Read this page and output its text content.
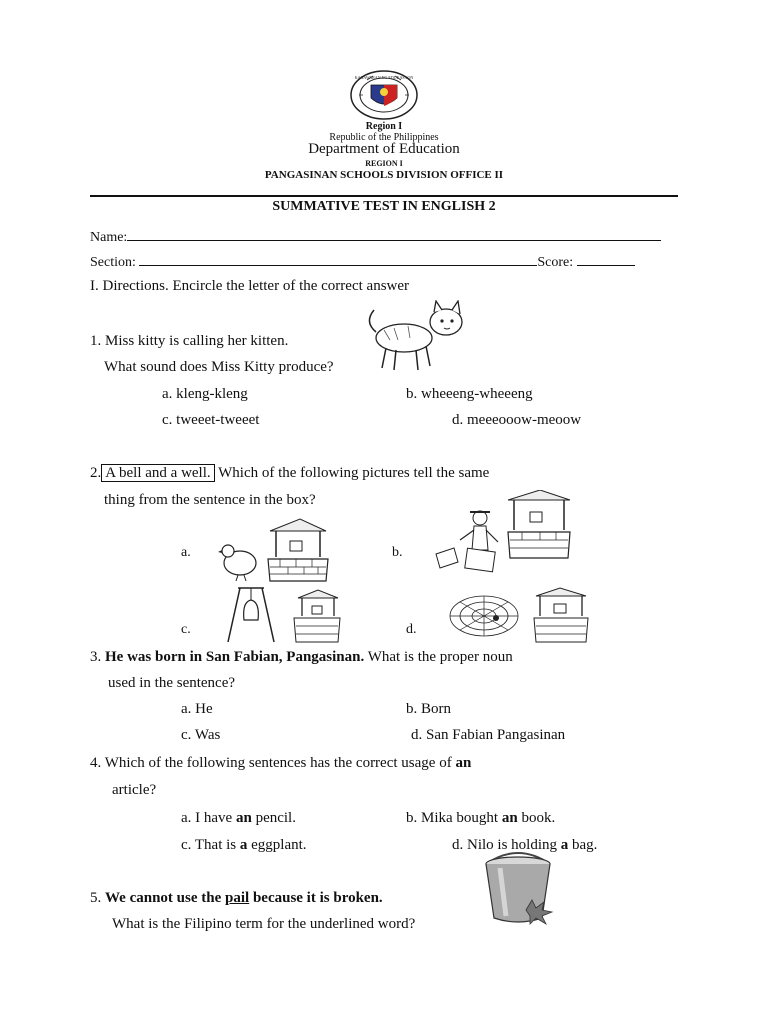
KAGAWARAN NG EDUKASYON
Region I
Republic of the Philippines
Department of Education
REGION I
PANGASINAN SCHOOLS DIVISION OFFICE II
SUMMATIVE TEST IN ENGLISH 2
Name:
Section:	Score:
I. Directions. Encircle the letter of the correct answer
1. Miss kitty is calling her kitten.
What sound does Miss Kitty produce?
a. kleng-kleng	b. wheeeng-wheeeng
c. tweeet-tweeet	d. meeeooow-meoow
2. A bell and a well. Which of the following pictures tell the same
thing from the sentence in the box?
a.	b.
c.	d.
3. He was born in San Fabian, Pangasinan. What is the proper noun
used in the sentence?
a. He	b. Born
c. Was	d. San Fabian Pangasinan
4. Which of the following sentences has the correct usage of an
article?
a. I have an pencil.	b. Mika bought an book.
c. That is a eggplant.	d. Nilo is holding a bag.
5. We cannot use the pail because it is broken.
What is the Filipino term for the underlined word?
